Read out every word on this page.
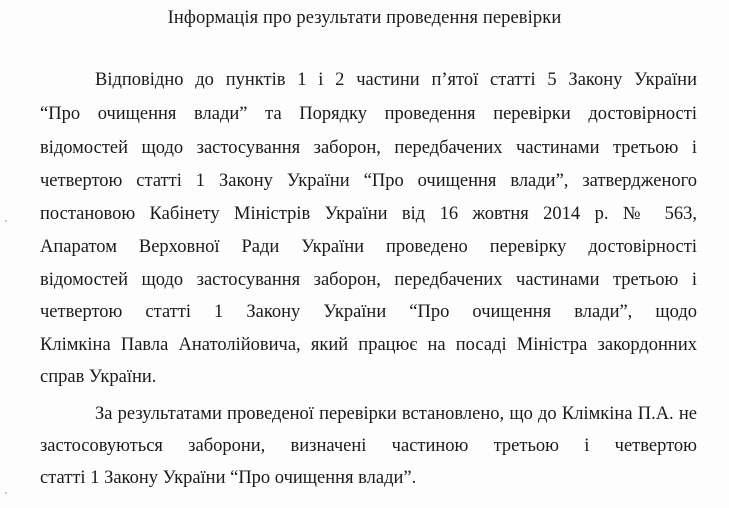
Інформація про результати проведення перевірки
Відповідно до пунктів 1 і 2 частини п’ятої статті 5 Закону України
“Про очищення влади” та Порядку проведення перевірки достовірності
відомостей щодо застосування заборон, передбачених частинами третьою і
четвертою статті 1 Закону України “Про очищення влади”, затвердженого
постановою Кабінету Міністрів України від 16 жовтня 2014 р. № 563,
Апаратом Верховної Ради України проведено перевірку достовірності
відомостей щодо застосування заборон, передбачених частинами третьою і
четвертою статті 1 Закону України “Про очищення влади”, щодо
Клімкіна Павла Анатолійовича, який працює на посаді Міністра закордонних
справ України.
За результатами проведеної перевірки встановлено, що до Клімкіна П.А. не
застосовуються заборони, визначені частиною третьою і четвертою
статті 1 Закону України “Про очищення влади”.
